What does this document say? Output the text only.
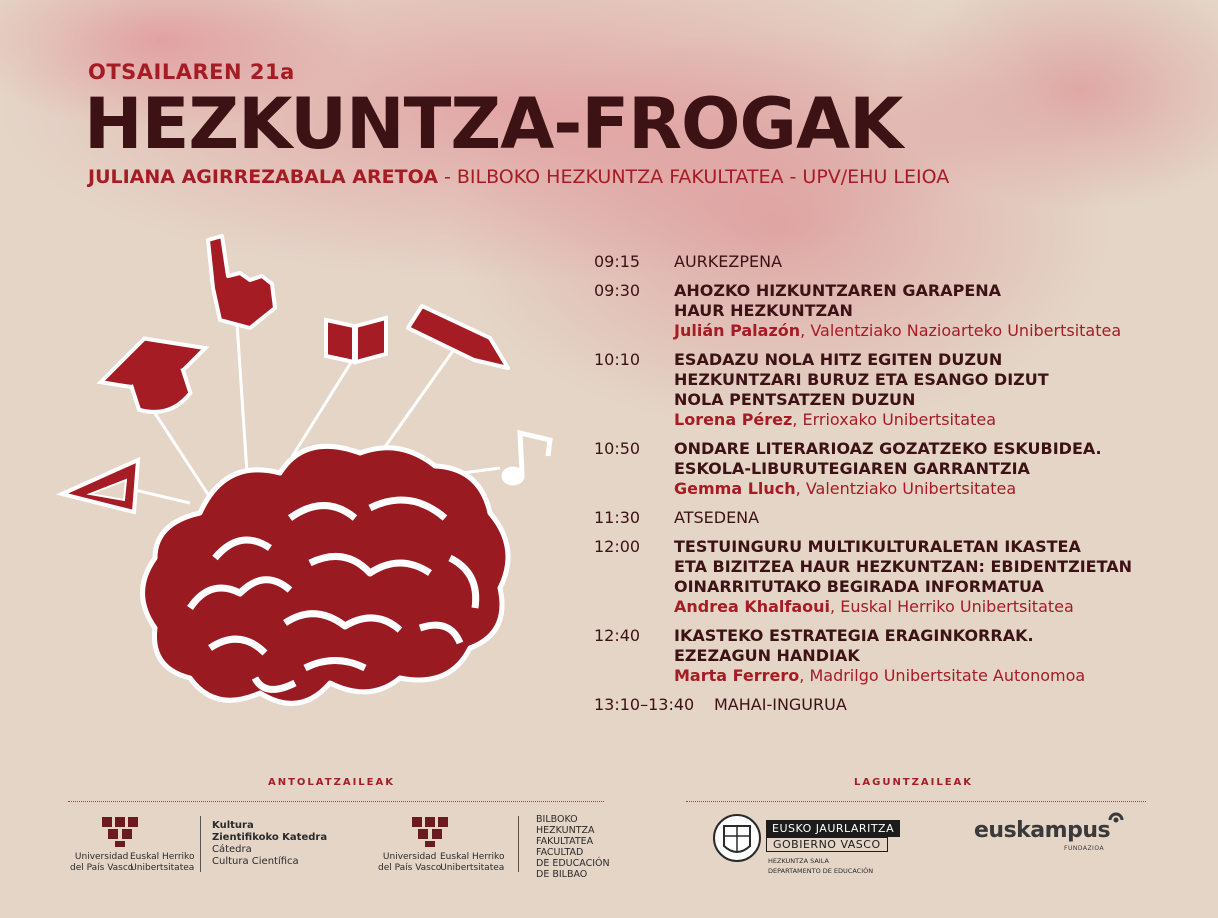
OTSAILAREN 21a
HEZKUNTZA-FROGAK
JULIANA AGIRREZABALA ARETOA - BILBOKO HEZKUNTZA FAKULTATEA - UPV/EHU LEIOA
09:15	AURKEZPENA
09:30	AHOZKO HIZKUNTZAREN GARAPENA
HAUR HEZKUNTZAN
Julián Palazón, Valentziako Nazioarteko Unibertsitatea
10:10	ESADAZU NOLA HITZ EGITEN DUZUN
HEZKUNTZARI BURUZ ETA ESANGO DIZUT
NOLA PENTSATZEN DUZUN
Lorena Pérez, Errioxako Unibertsitatea
10:50	ONDARE LITERARIOAZ GOZATZEKO ESKUBIDEA.
ESKOLA-LIBURUTEGIAREN GARRANTZIA
Gemma Lluch, Valentziako Unibertsitatea
11:30	ATSEDENA
12:00	TESTUINGURU MULTIKULTURALETAN IKASTEA
ETA BIZITZEA HAUR HEZKUNTZAN: EBIDENTZIETAN
OINARRITUTAKO BEGIRADA INFORMATUA
Andrea Khalfaoui, Euskal Herriko Unibertsitatea
12:40	IKASTEKO ESTRATEGIA ERAGINKORRAK.
EZEZAGUN HANDIAK
Marta Ferrero, Madrilgo Unibertsitate Autonomoa
13:10–13:40	MAHAI-INGURUA
ANTOLATZAILEAK	LAGUNTZAILEAK
Universidad
del País Vasco
Euskal Herriko
Unibertsitatea
Kultura
Zientifikoko Katedra
Cátedra
Cultura Científica	Universidad
del País Vasco
Euskal Herriko
Unibertsitatea
BILBOKO
HEZKUNTZA
FAKULTATEA
FACULTAD
DE EDUCACIÓN
DE BILBAO
EUSKO JAURLARITZA
GOBIERNO VASCO
HEZKUNTZA SAILA
DEPARTAMENTO DE EDUCACIÓN
euskampus
FUNDAZIOA
